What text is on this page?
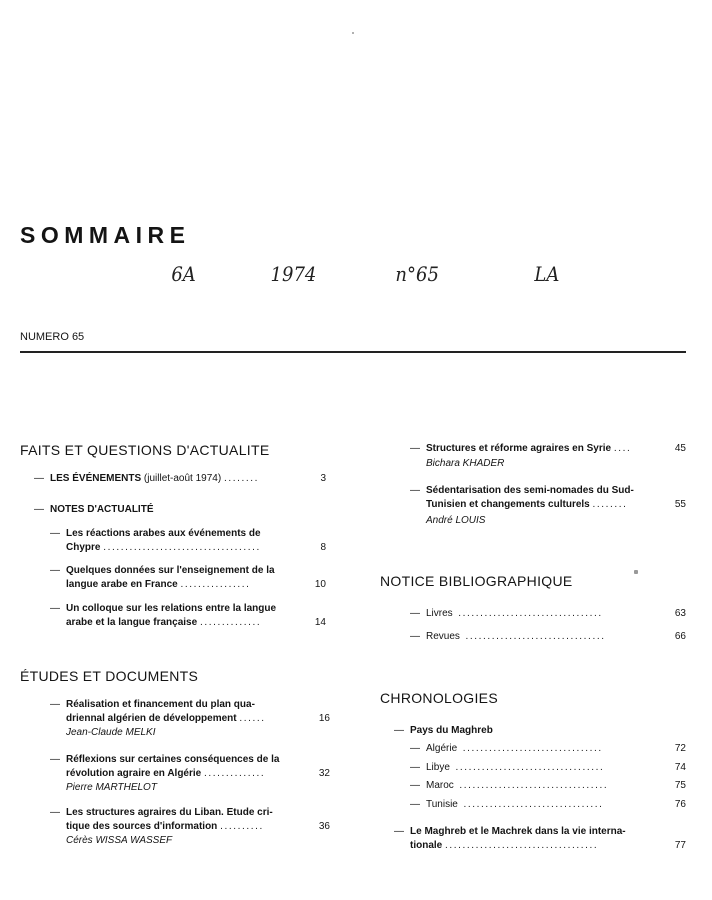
SOMMAIRE
6A	1974	n°65	LA
NUMERO 65
FAITS ET QUESTIONS D'ACTUALITE
— LES ÉVÉNEMENTS (juillet-août 1974) ........	3
— NOTES D'ACTUALITÉ
— Les réactions arabes aux événements de
Chypre ....................................	8
— Quelques données sur l'enseignement de la
langue arabe en France ................	10
— Un colloque sur les relations entre la langue
arabe et la langue française ..............	14
ÉTUDES ET DOCUMENTS
— Réalisation et financement du plan qua-
driennal algérien de développement ......	16
Jean-Claude MELKI
— Réflexions sur certaines conséquences de la
révolution agraire en Algérie ..............	32
Pierre MARTHELOT
— Les structures agraires du Liban. Etude cri-
tique des sources d'information ..........	36
Cérès WISSA WASSEF
— Structures et réforme agraires en Syrie ....	45
Bichara KHADER
— Sédentarisation des semi-nomades du Sud-
Tunisien et changements culturels ........	55
André LOUIS
NOTICE BIBLIOGRAPHIQUE
— Livres .................................	63
— Revues ................................	66
CHRONOLOGIES
— Pays du Maghreb
— Algérie ................................	72
— Libye ..................................	74
— Maroc ..................................	75
— Tunisie ................................	76
— Le Maghreb et le Machrek dans la vie interna-
tionale ...................................	77
